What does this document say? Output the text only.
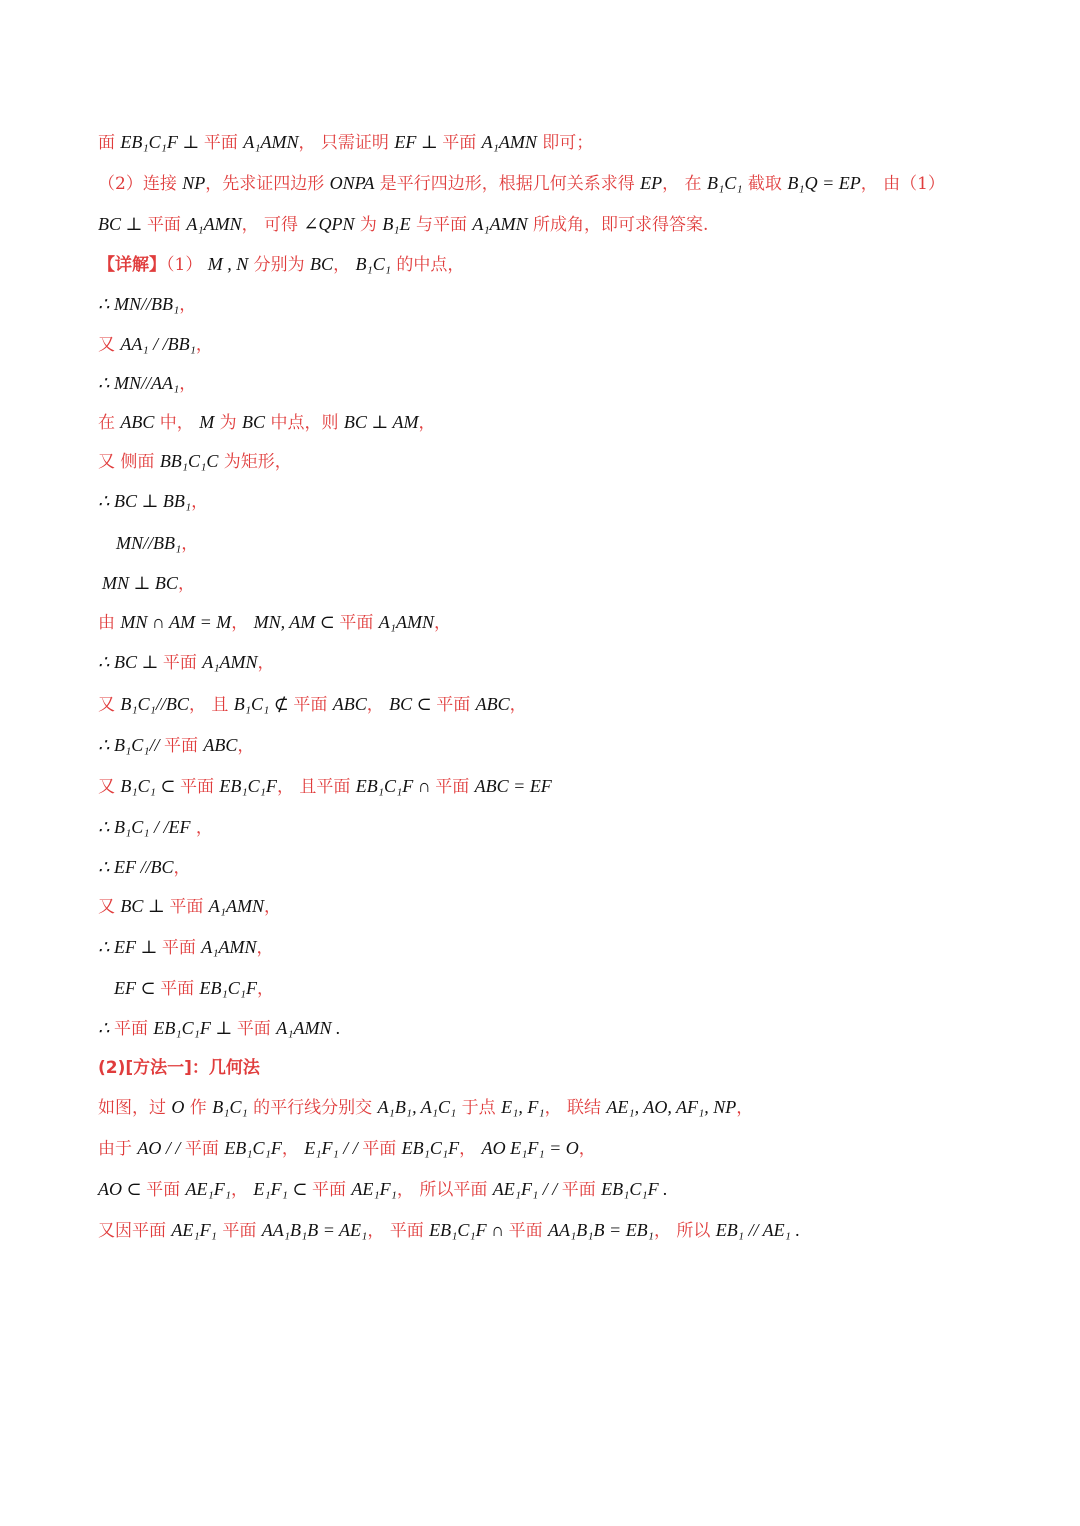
面 EB₁C₁F ⊥ 平面 A₁AMN， 只需证明 EF ⊥ 平面 A₁AMN 即可；
（2）连接 NP，先求证四边形 ONPA 是平行四边形，根据几何关系求得 EP， 在 B₁C₁ 截取 B₁Q = EP， 由（1）
BC ⊥ 平面 A₁AMN， 可得 ∠QPN 为 B₁E 与平面 A₁AMN 所成角，即可求得答案.
【详解】（1） M , N 分别为 BC， B₁C₁ 的中点，
∴ MN//BB₁，
又 AA₁ / /BB₁，
∴ MN//AA₁，
在 ABC 中， M 为 BC 中点，则 BC ⊥ AM，
又 侧面 BB₁C₁C 为矩形，
∴ BC ⊥ BB₁，
MN//BB₁，
MN ⊥ BC，
由 MN ∩ AM = M， MN, AM ⊂ 平面 A₁AMN，
∴ BC ⊥ 平面 A₁AMN，
又 B₁C₁//BC， 且 B₁C₁ ⊄ 平面 ABC， BC ⊂ 平面 ABC，
∴ B₁C₁// 平面 ABC，
又 B₁C₁ ⊂ 平面 EB₁C₁F， 且平面 EB₁C₁F ∩ 平面 ABC = EF
∴ B₁C₁ / /EF ，
∴ EF //BC，
又 BC ⊥ 平面 A₁AMN，
∴ EF ⊥ 平面 A₁AMN，
EF ⊂ 平面 EB₁C₁F，
∴ 平面 EB₁C₁F ⊥ 平面 A₁AMN .
(2)[方法一]：几何法
如图，过 O 作 B₁C₁ 的平行线分别交 A₁B₁, A₁C₁ 于点 E₁, F₁， 联结 AE₁, AO, AF₁, NP，
由于 AO / / 平面 EB₁C₁F， E₁F₁ / / 平面 EB₁C₁F， AO E₁F₁ = O，
AO ⊂ 平面 AE₁F₁， E₁F₁ ⊂ 平面 AE₁F₁， 所以平面 AE₁F₁ / / 平面 EB₁C₁F .
又因平面 AE₁F₁ 平面 AA₁B₁B = AE₁， 平面 EB₁C₁F ∩ 平面 AA₁B₁B = EB₁， 所以 EB₁ // AE₁ .
